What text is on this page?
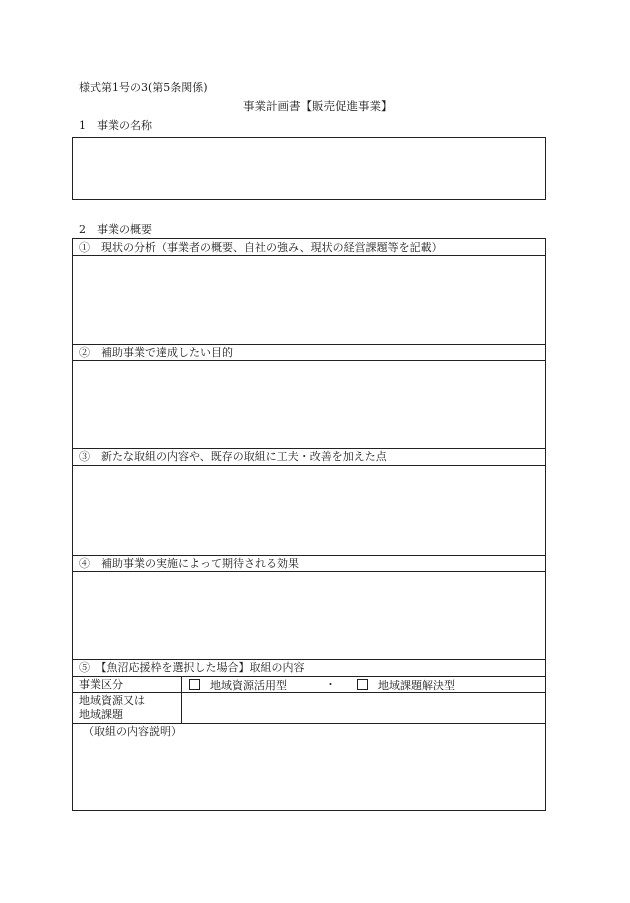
様式第1号の3(第5条関係)
事業計画書【販売促進事業】
1　事業の名称
2　事業の概要
①　現状の分析（事業者の概要、自社の強み、現状の経営課題等を記載）
②　補助事業で達成したい目的
③　新たな取組の内容や、既存の取組に工夫・改善を加えた点
④　補助事業の実施によって期待される効果
⑤　【魚沼応援枠を選択した場合】取組の内容
事業区分	地域資源活用型	・	地域課題解決型
地域資源又は
地域課題
（取組の内容説明）
